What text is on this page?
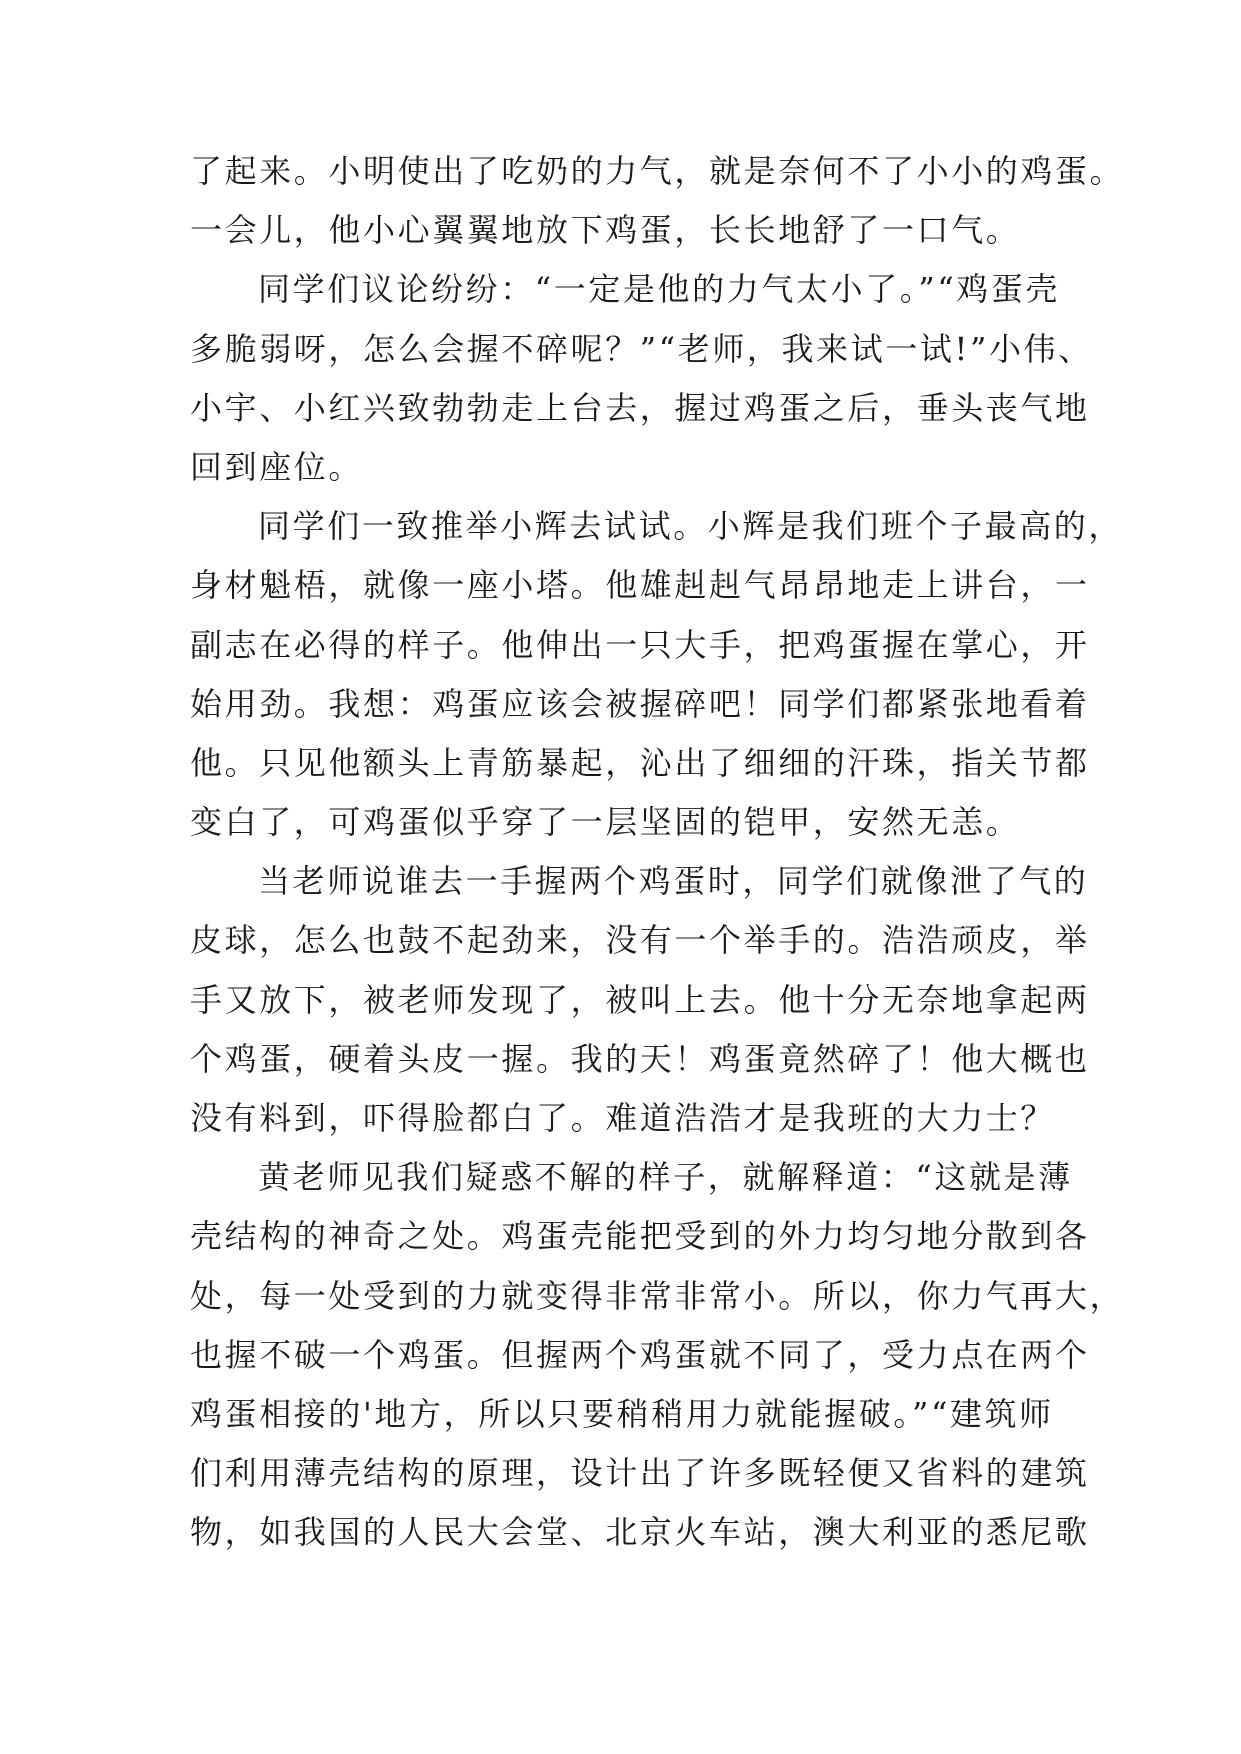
了起来。小明使出了吃奶的力气，就是奈何不了小小的鸡蛋。
一会儿，他小心翼翼地放下鸡蛋，长长地舒了一口气。
同学们议论纷纷：“一定是他的力气太小了。”“鸡蛋壳
多脆弱呀，怎么会握不碎呢？”“老师，我来试一试!”小伟、
小宇、小红兴致勃勃走上台去，握过鸡蛋之后，垂头丧气地
回到座位。
同学们一致推举小辉去试试。小辉是我们班个子最高的，
身材魁梧，就像一座小塔。他雄赳赳气昂昂地走上讲台，一
副志在必得的样子。他伸出一只大手，把鸡蛋握在掌心，开
始用劲。我想：鸡蛋应该会被握碎吧！同学们都紧张地看着
他。只见他额头上青筋暴起，沁出了细细的汗珠，指关节都
变白了，可鸡蛋似乎穿了一层坚固的铠甲，安然无恙。
当老师说谁去一手握两个鸡蛋时，同学们就像泄了气的
皮球，怎么也鼓不起劲来，没有一个举手的。浩浩顽皮，举
手又放下，被老师发现了，被叫上去。他十分无奈地拿起两
个鸡蛋，硬着头皮一握。我的天！鸡蛋竟然碎了！他大概也
没有料到，吓得脸都白了。难道浩浩才是我班的大力士？
黄老师见我们疑惑不解的样子，就解释道：“这就是薄
壳结构的神奇之处。鸡蛋壳能把受到的外力均匀地分散到各
处，每一处受到的力就变得非常非常小。所以，你力气再大，
也握不破一个鸡蛋。但握两个鸡蛋就不同了，受力点在两个
鸡蛋相接的'地方，所以只要稍稍用力就能握破。”“建筑师
们利用薄壳结构的原理，设计出了许多既轻便又省料的建筑
物，如我国的人民大会堂、北京火车站，澳大利亚的悉尼歌
